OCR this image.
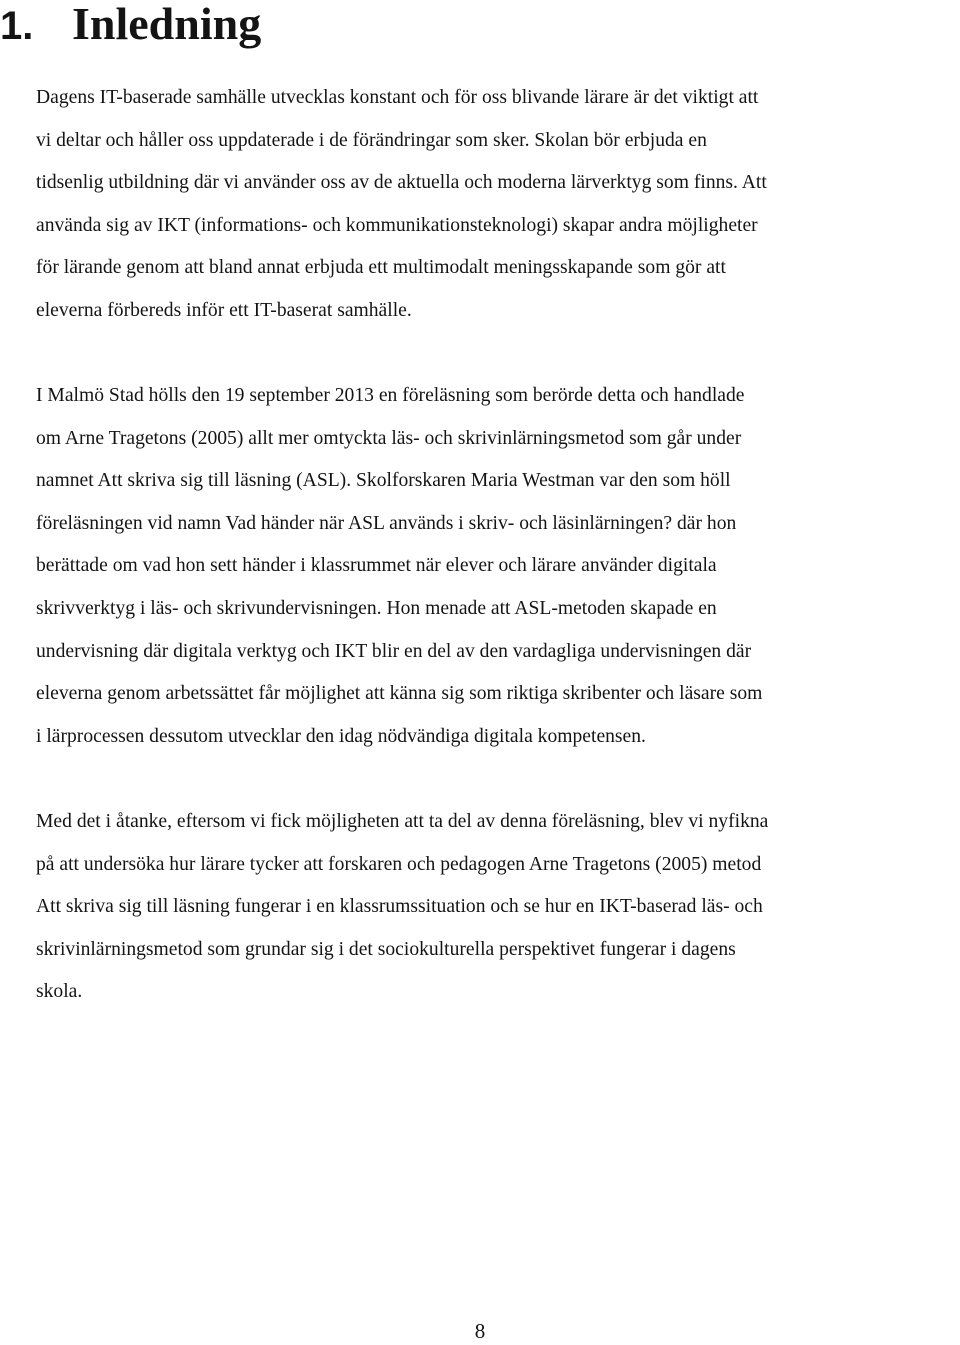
1. Inledning

Dagens IT-baserade samhälle utvecklas konstant och för oss blivande lärare är det viktigt att
vi deltar och håller oss uppdaterade i de förändringar som sker. Skolan bör erbjuda en
tidsenlig utbildning där vi använder oss av de aktuella och moderna lärverktyg som finns. Att
använda sig av IKT (informations- och kommunikationsteknologi) skapar andra möjligheter
för lärande genom att bland annat erbjuda ett multimodalt meningsskapande som gör att
eleverna förbereds inför ett IT-baserat samhälle.

I Malmö Stad hölls den 19 september 2013 en föreläsning som berörde detta och handlade
om Arne Tragetons (2005) allt mer omtyckta läs- och skrivinlärningsmetod som går under
namnet Att skriva sig till läsning (ASL). Skolforskaren Maria Westman var den som höll
föreläsningen vid namn Vad händer när ASL används i skriv- och läsinlärningen? där hon
berättade om vad hon sett händer i klassrummet när elever och lärare använder digitala
skrivverktyg i läs- och skrivundervisningen. Hon menade att ASL-metoden skapade en
undervisning där digitala verktyg och IKT blir en del av den vardagliga undervisningen där
eleverna genom arbetssättet får möjlighet att känna sig som riktiga skribenter och läsare som
i lärprocessen dessutom utvecklar den idag nödvändiga digitala kompetensen.

Med det i åtanke, eftersom vi fick möjligheten att ta del av denna föreläsning, blev vi nyfikna
på att undersöka hur lärare tycker att forskaren och pedagogen Arne Tragetons (2005) metod
Att skriva sig till läsning fungerar i en klassrumssituation och se hur en IKT-baserad läs- och
skrivinlärningsmetod som grundar sig i det sociokulturella perspektivet fungerar i dagens
skola.

8
